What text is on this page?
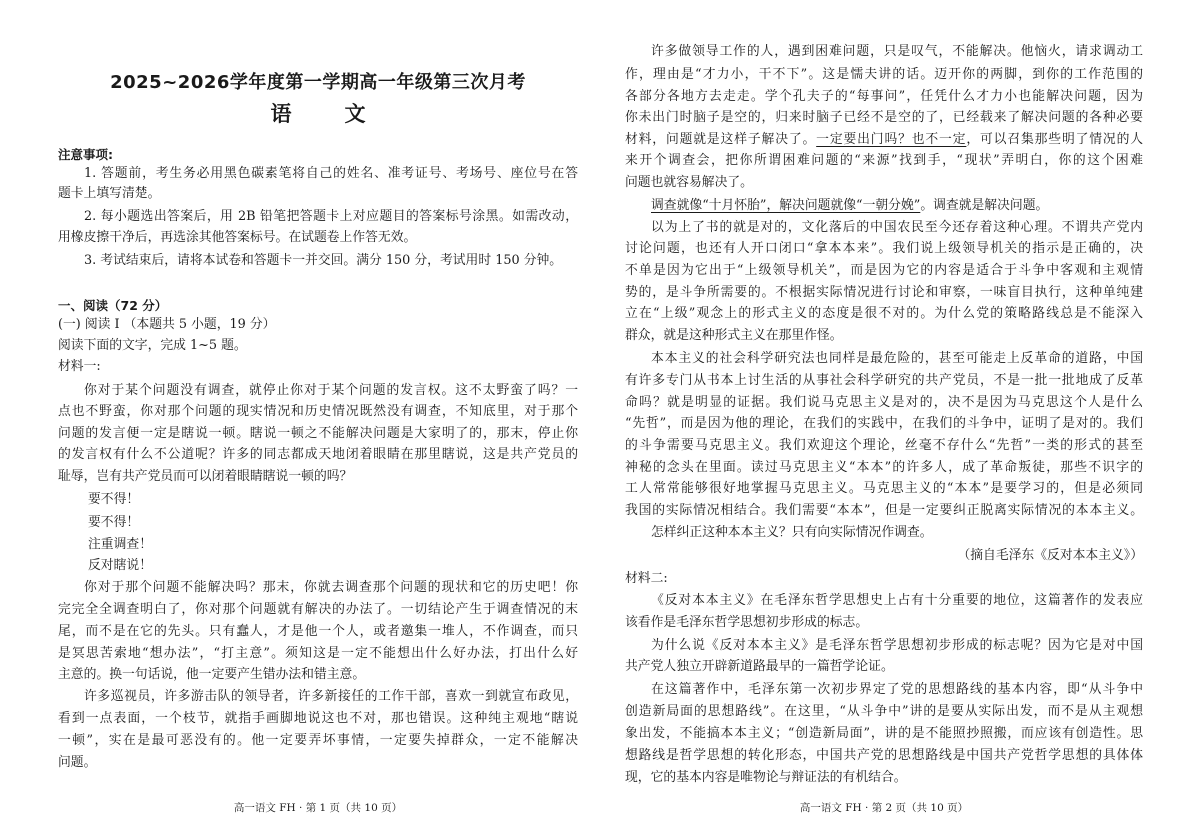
2025~2026学年度第一学期高一年级第三次月考
语　文
注意事项:
1. 答题前，考生务必用黑色碳素笔将自己的姓名、准考证号、考场号、座位号在答
题卡上填写清楚。
2. 每小题选出答案后，用 2B 铅笔把答题卡上对应题目的答案标号涂黑。如需改动，
用橡皮擦干净后，再选涂其他答案标号。在试题卷上作答无效。
3. 考试结束后，请将本试卷和答题卡一并交回。满分 150 分，考试用时 150 分钟。
一、阅读（72 分）
(一) 阅读 I （本题共 5 小题，19 分）
阅读下面的文字，完成 1~5 题。
材料一:
你对于某个问题没有调查，就停止你对于某个问题的发言权。这不太野蛮了吗？一
点也不野蛮，你对那个问题的现实情况和历史情况既然没有调查，不知底里，对于那个
问题的发言便一定是瞎说一顿。瞎说一顿之不能解决问题是大家明了的，那末，停止你
的发言权有什么不公道呢？许多的同志都成天地闭着眼睛在那里瞎说，这是共产党员的
耻辱，岂有共产党员而可以闭着眼睛瞎说一顿的吗？
要不得！
要不得！
注重调查！
反对瞎说！
你对于那个问题不能解决吗？那末，你就去调查那个问题的现状和它的历史吧！你
完完全全调查明白了，你对那个问题就有解决的办法了。一切结论产生于调查情况的末
尾，而不是在它的先头。只有蠢人，才是他一个人，或者邀集一堆人，不作调查，而只
是冥思苦索地“想办法”，“打主意”。须知这是一定不能想出什么好办法，打出什么好
主意的。换一句话说，他一定要产生错办法和错主意。
许多巡视员，许多游击队的领导者，许多新接任的工作干部，喜欢一到就宣布政见，
看到一点表面，一个枝节，就指手画脚地说这也不对，那也错误。这种纯主观地“瞎说
一顿”，实在是最可恶没有的。他一定要弄坏事情，一定要失掉群众，一定不能解决
问题。
许多做领导工作的人，遇到困难问题，只是叹气，不能解决。他恼火，请求调动工
作，理由是“才力小，干不下”。这是懦夫讲的话。迈开你的两脚，到你的工作范围的
各部分各地方去走走。学个孔夫子的“每事问”，任凭什么才力小也能解决问题，因为
你未出门时脑子是空的，归来时脑子已经不是空的了，已经载来了解决问题的各种必要
材料，问题就是这样子解决了。一定要出门吗？也不一定，可以召集那些明了情况的人
来开个调查会，把你所谓困难问题的“来源”找到手，“现状”弄明白，你的这个困难
问题也就容易解决了。
调查就像“十月怀胎”，解决问题就像“一朝分娩”。调查就是解决问题。
以为上了书的就是对的，文化落后的中国农民至今还存着这种心理。不谓共产党内
讨论问题，也还有人开口闭口“拿本本来”。我们说上级领导机关的指示是正确的，决
不单是因为它出于“上级领导机关”，而是因为它的内容是适合于斗争中客观和主观情
势的，是斗争所需要的。不根据实际情况进行讨论和审察，一味盲目执行，这种单纯建
立在“上级”观念上的形式主义的态度是很不对的。为什么党的策略路线总是不能深入
群众，就是这种形式主义在那里作怪。
本本主义的社会科学研究法也同样是最危险的，甚至可能走上反革命的道路，中国
有许多专门从书本上讨生活的从事社会科学研究的共产党员，不是一批一批地成了反革
命吗？就是明显的证据。我们说马克思主义是对的，决不是因为马克思这个人是什么
“先哲”，而是因为他的理论，在我们的实践中，在我们的斗争中，证明了是对的。我们
的斗争需要马克思主义。我们欢迎这个理论，丝毫不存什么“先哲”一类的形式的甚至
神秘的念头在里面。读过马克思主义“本本”的许多人，成了革命叛徒，那些不识字的
工人常常能够很好地掌握马克思主义。马克思主义的“本本”是要学习的，但是必须同
我国的实际情况相结合。我们需要“本本”，但是一定要纠正脱离实际情况的本本主义。
怎样纠正这种本本主义？只有向实际情况作调查。
（摘自毛泽东《反对本本主义》）
材料二:
《反对本本主义》在毛泽东哲学思想史上占有十分重要的地位，这篇著作的发表应
该看作是毛泽东哲学思想初步形成的标志。
为什么说《反对本本主义》是毛泽东哲学思想初步形成的标志呢？因为它是对中国
共产党人独立开辟新道路最早的一篇哲学论证。
在这篇著作中，毛泽东第一次初步界定了党的思想路线的基本内容，即“从斗争中
创造新局面的思想路线”。在这里，“从斗争中”讲的是要从实际出发，而不是从主观想
象出发，不能搞本本主义；“创造新局面”，讲的是不能照抄照搬，而应该有创造性。思
想路线是哲学思想的转化形态，中国共产党的思想路线是中国共产党哲学思想的具体体
现，它的基本内容是唯物论与辩证法的有机结合。
高一语文 FH · 第 1 页（共 10 页）	高一语文 FH · 第 2 页（共 10 页）
